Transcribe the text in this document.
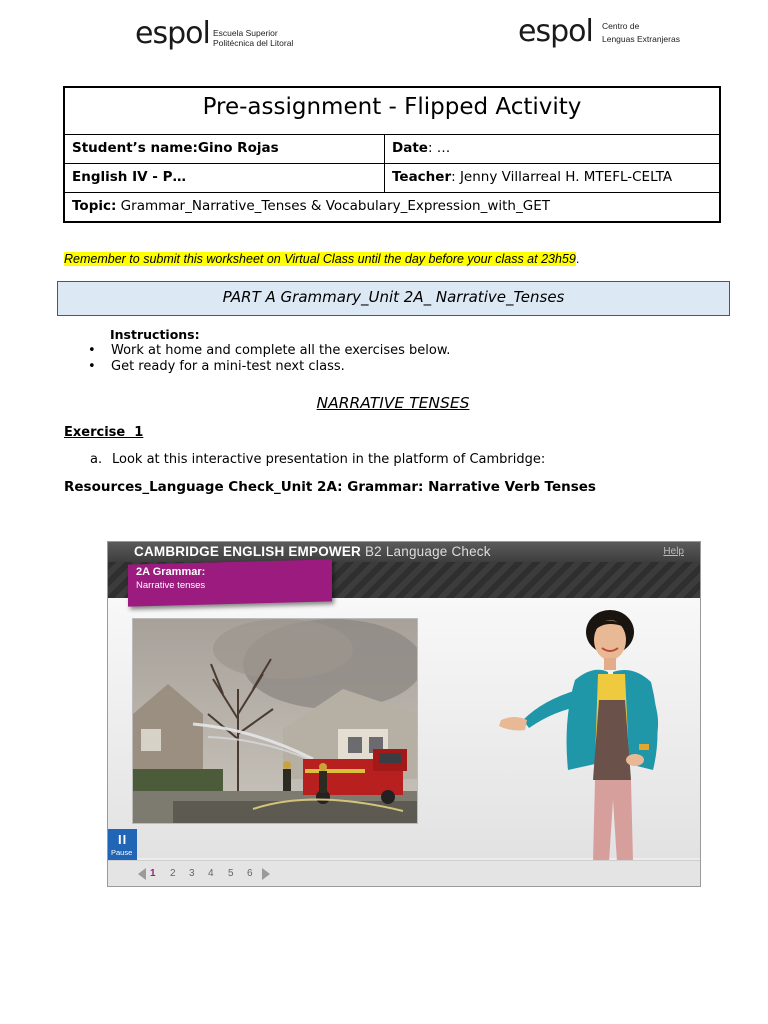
espol Escuela Superior
Politécnica del Litoral	espol Centro de
Lenguas Extranjeras
Pre-assignment - Flipped Activity
Student’s name:Gino Rojas	Date: …
English IV - P…	Teacher: Jenny Villarreal H. MTEFL-CELTA
Topic: Grammar_Narrative_Tenses & Vocabulary_Expression_with_GET
Remember to submit this worksheet on Virtual Class until the day before your class at 23h59.
PART A Grammary_Unit 2A_ Narrative_Tenses
Instructions:
• Work at home and complete all the exercises below.
• Get ready for a mini-test next class.
NARRATIVE TENSES
Exercise  1
a. Look at this interactive presentation in the platform of Cambridge:
Resources_Language Check_Unit 2A: Grammar: Narrative Verb Tenses
CAMBRIDGE ENGLISH EMPOWER B2 Language Check	Help
2A Grammar:
Narrative tenses
II
Pause
1 2 3 4 5 6
